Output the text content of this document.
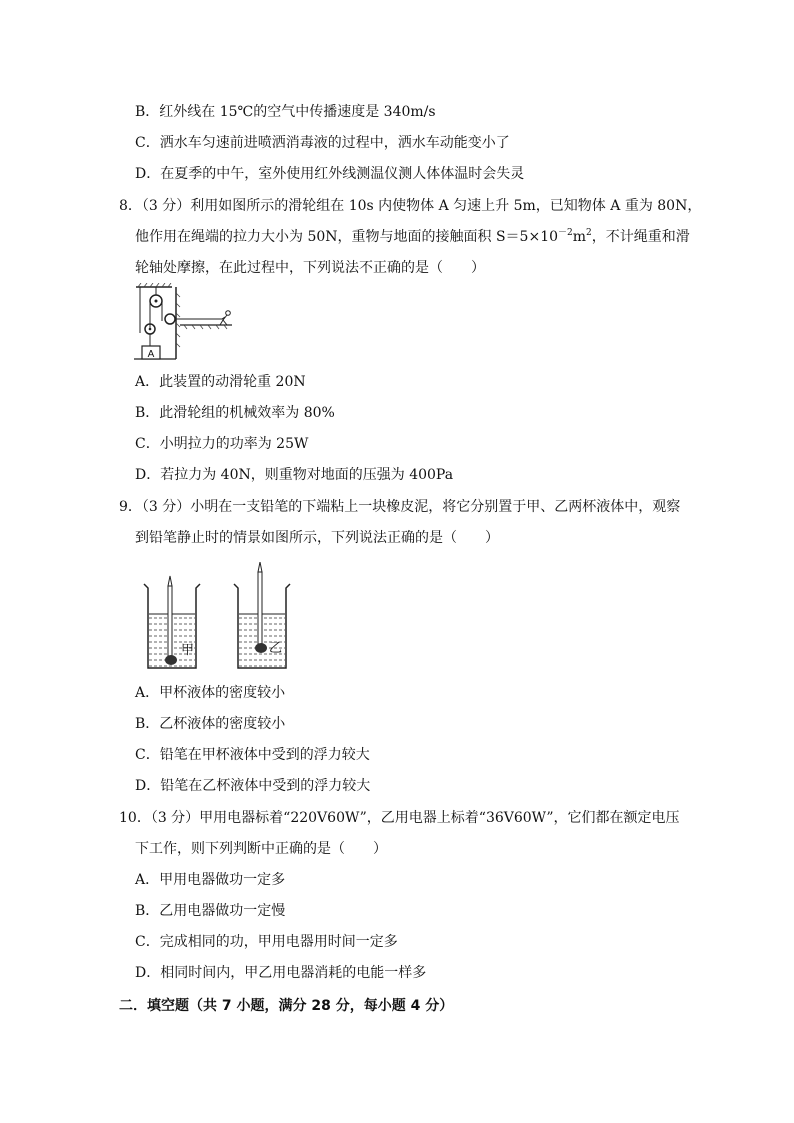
B．红外线在 15℃的空气中传播速度是 340m/s
C．洒水车匀速前进喷洒消毒液的过程中，洒水车动能变小了
D．在夏季的中午，室外使用红外线测温仪测人体体温时会失灵
8．（3 分）利用如图所示的滑轮组在 10s 内使物体 A 匀速上升 5m，已知物体 A 重为 80N，
他作用在绳端的拉力大小为 50N，重物与地面的接触面积 $S=5\times 10^{-2}m^2$，不计绳重和滑
轮轴处摩擦，在此过程中，下列说法不正确的是（　　）
A
A．此装置的动滑轮重 20N
B．此滑轮组的机械效率为 80%
C．小明拉力的功率为 25W
D．若拉力为 40N，则重物对地面的压强为 400Pa
9．（3 分）小明在一支铅笔的下端粘上一块橡皮泥，将它分别置于甲、乙两杯液体中，观察
到铅笔静止时的情景如图所示，下列说法正确的是（　　）
甲	乙
A．甲杯液体的密度较小
B．乙杯液体的密度较小
C．铅笔在甲杯液体中受到的浮力较大
D．铅笔在乙杯液体中受到的浮力较大
10．（3 分）甲用电器标着“220V60W”，乙用电器上标着“36V60W”，它们都在额定电压
下工作，则下列判断中正确的是（　　）
A．甲用电器做功一定多
B．乙用电器做功一定慢
C．完成相同的功，甲用电器用时间一定多
D．相同时间内，甲乙用电器消耗的电能一样多
二．填空题（共 7 小题，满分 28 分，每小题 4 分）
